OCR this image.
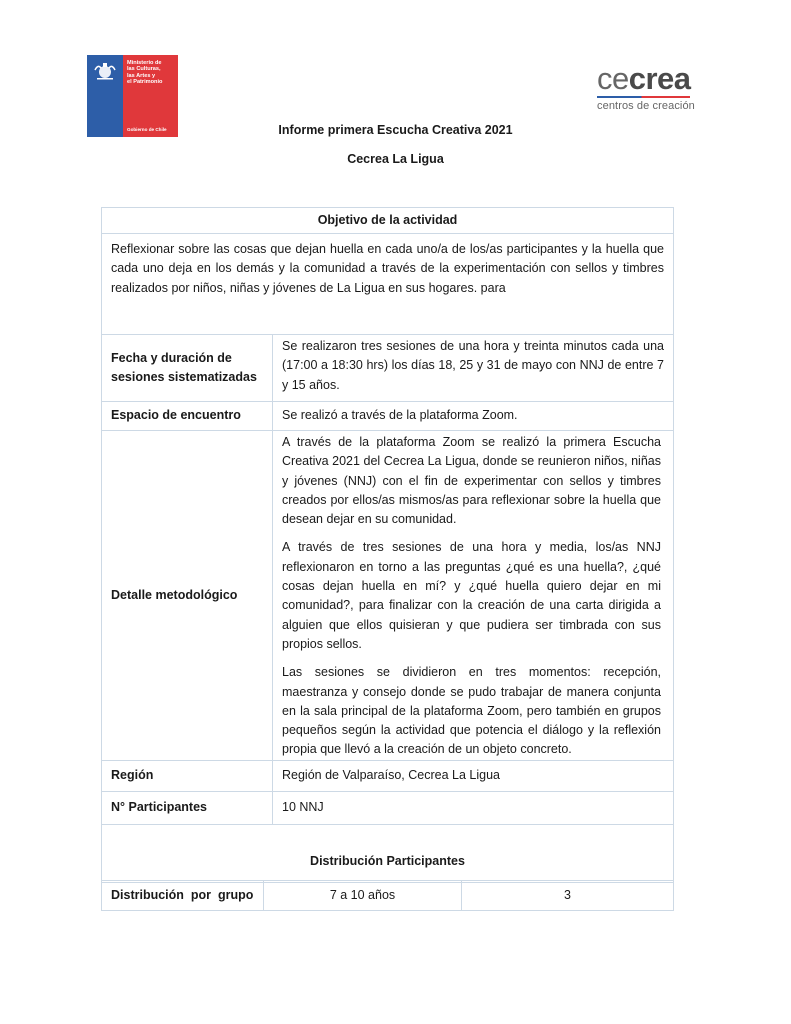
Ministerio de
las Culturas,
las Artes y
el Patrimonio
Gobierno de Chile
cecrea
centros de creación
Informe primera Escucha Creativa 2021
Cecrea La Ligua
Objetivo de la actividad	
Reflexionar sobre las cosas que dejan huella en cada uno/a de los/as participantes y la huella que cada uno deja en los demás y la comunidad a través de la experimentación con sellos y timbres realizados por niños, niñas y jóvenes de La Ligua en sus hogares. para	
Fecha y duración de sesiones sistematizadas	Se realizaron tres sesiones de una hora y treinta minutos cada una (17:00 a 18:30 hrs) los días 18, 25 y 31 de mayo con NNJ de entre 7 y 15 años.
Espacio de encuentro	Se realizó a través de la plataforma Zoom.
Detalle metodológico	A través de la plataforma Zoom se realizó la primera Escucha Creativa 2021 del Cecrea La Ligua, donde se reunieron niños, niñas y jóvenes (NNJ) con el fin de experimentar con sellos y timbres creados por ellos/as mismos/as para reflexionar sobre la huella que desean dejar en su comunidad.

A través de tres sesiones de una hora y media, los/as NNJ reflexionaron en torno a las preguntas ¿qué es una huella?, ¿qué cosas dejan huella en mí? y ¿qué huella quiero dejar en mi comunidad?, para finalizar con la creación de una carta dirigida a alguien que ellos quisieran y que pudiera ser timbrada con sus propios sellos.

Las sesiones se dividieron en tres momentos: recepción, maestranza y consejo donde se pudo trabajar de manera conjunta en la sala principal de la plataforma Zoom, pero también en grupos pequeños según la actividad que potencia el diálogo y la reflexión propia que llevó a la creación de un objeto concreto.

Región	Región de Valparaíso, Cecrea La Ligua
N° Participantes	10 NNJ
Distribución Participantes	
Distribución  por  grupo	7 a 10 años	3
